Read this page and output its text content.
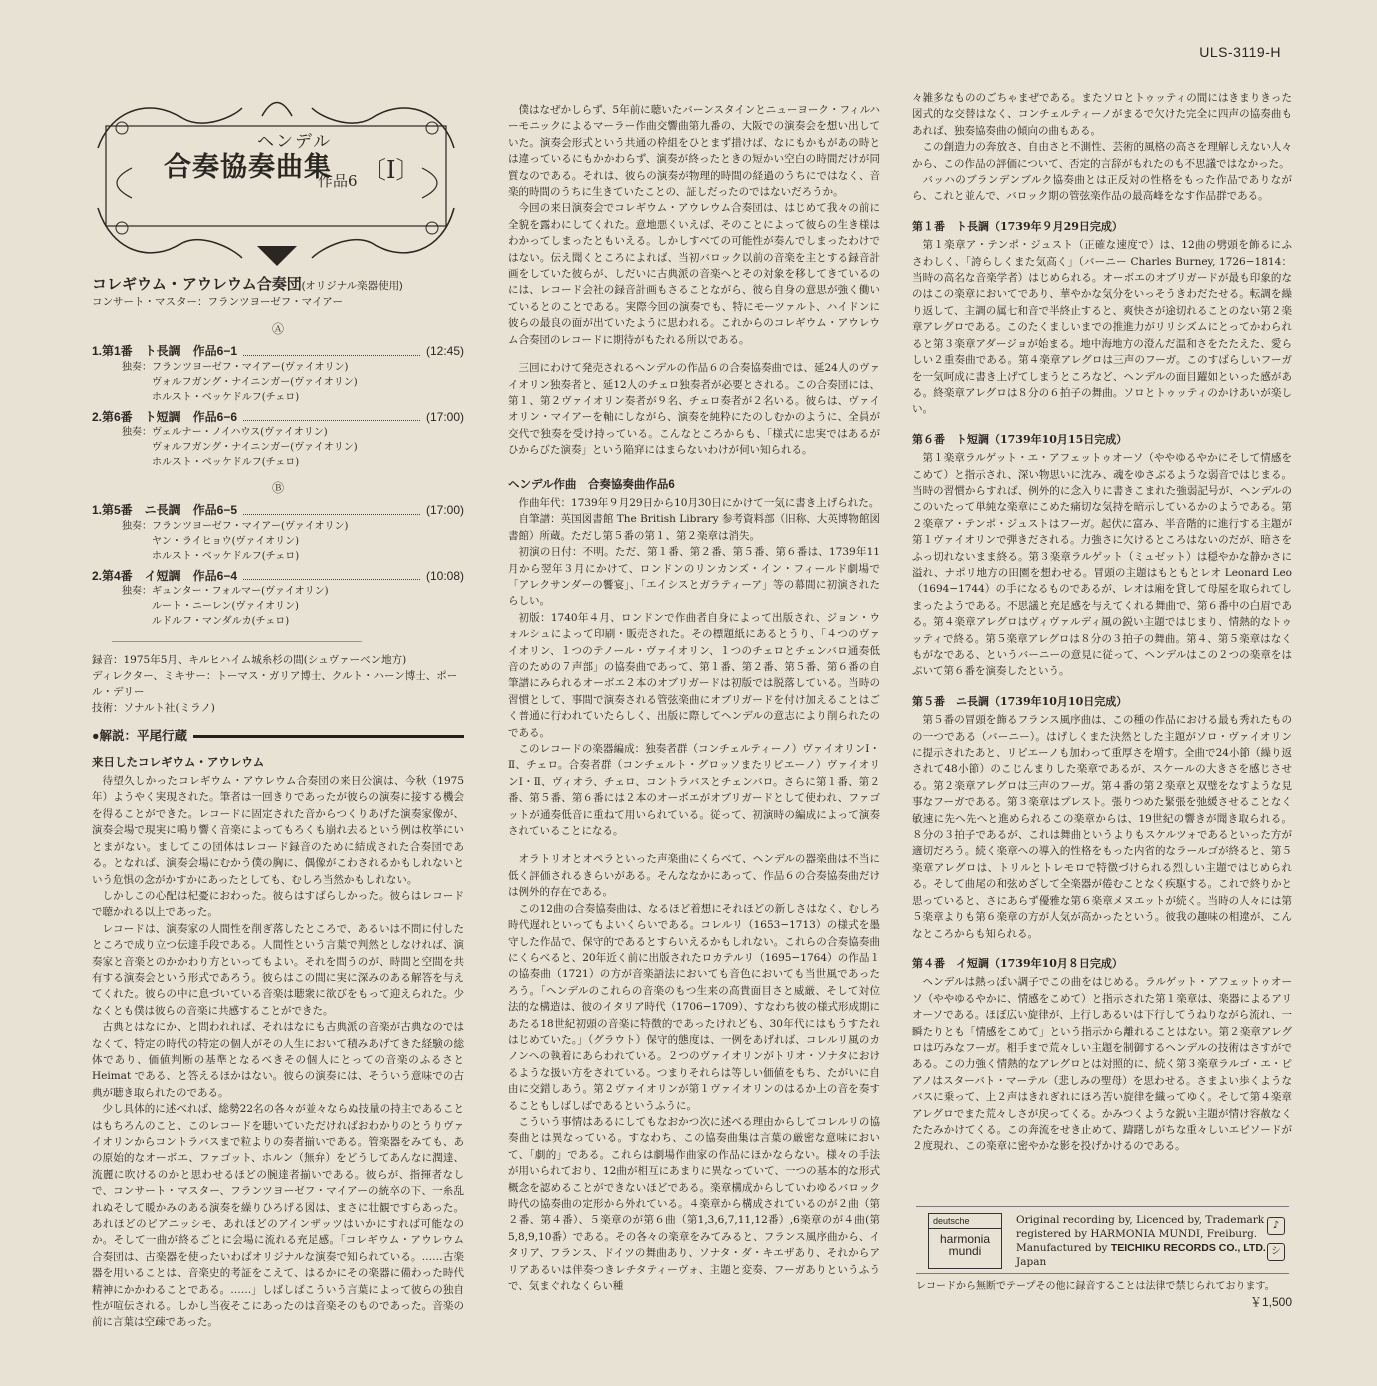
ULS-3119-H
ヘンデル
合奏協奏曲集
作品6 〔I〕
コレギウム・アウレウム合奏団(オリジナル楽器使用)
コンサート・マスター：フランツヨーゼフ・マイアー
Ⓐ
1.第1番　ト長調　作品6−1	(12:45)
独奏：フランツヨーゼフ・マイアー(ヴァイオリン)
ヴォルフガング・ナイニンガー(ヴァイオリン)
ホルスト・ベッケドルフ(チェロ)
2.第6番　ト短調　作品6−6	(17:00)
独奏：ヴェルナー・ノイハウス(ヴァイオリン)
ヴォルフガング・ナイニンガー(ヴァイオリン)
ホルスト・ベッケドルフ(チェロ)
Ⓑ
1.第5番　ニ長調　作品6−5	(17:00)
独奏：フランツヨーゼフ・マイアー(ヴァイオリン)
ヤン・ライヒョウ(ヴァイオリン)
ホルスト・ベッケドルフ(チェロ)
2.第4番　イ短調　作品6−4	(10:08)
独奏：ギュンター・フォルマー(ヴァイオリン)
ルート・ニーレン(ヴァイオリン)
ルドルフ・マンダルカ(チェロ)
録音：1975年5月、キルヒハイム城糸杉の間(シュヴァーベン地方)
ディレクター、ミキサー：トーマス・ガリア博士、クルト・ハーン博士、ポール・デリー
技術：ソナルト社(ミラノ)
●解説：平尾行蔵
来日したコレギウム・アウレウム

待望久しかったコレギウム・アウレウム合奏団の来日公演は、今秋（1975年）ようやく実現された。筆者は一回きりであったが彼らの演奏に接する機会を得ることができた。レコードに固定された音からつくりあげた演奏家像が、演奏会場で現実に鳴り響く音楽によってもろくも崩れ去るという例は枚挙にいとまがない。ましてこの団体はレコード録音のために結成された合奏団である。となれば、演奏会場にむかう僕の胸に、偶像がこわされるかもしれないという危惧の念がかすかにあったとしても、むしろ当然かもしれない。

しかしこの心配は杞憂におわった。彼らはすばらしかった。彼らはレコードで聴かれる以上であった。

レコードは、演奏家の人間性を削ぎ落したところで、あるいは不問に付したところで成り立つ伝達手段である。人間性という言葉で判然としなければ、演奏家と音楽とのかかわり方といってもよい。それを問うのが、時間と空間を共有する演奏会という形式であろう。彼らはこの間に実に深みのある解答を与えてくれた。彼らの中に息づいている音楽は聴衆に欲びをもって迎えられた。少なくとも僕は彼らの音楽に共感することができた。

古典とはなにか、と問われれば、それはなにも古典派の音楽が古典なのではなくて、特定の時代の特定の個人がその人生において積みあげてきた経験の総体であり、価値判断の基準となるべきその個人にとっての音楽のふるさと Heimat である、と答えるほかはない。彼らの演奏には、そういう意味での古典が聴き取られたのである。

少し具体的に述べれば、総勢22名の各々が並々ならぬ技量の持主であることはもちろんのこと、このレコードを聴いていただければおわかりのとうりヴァイオリンからコントラバスまで粒よりの奏者揃いである。管楽器をみても、あの原始的なオーボエ、ファゴット、ホルン（無弁）をどうしてあんなに潤達、流麗に吹けるのかと思わせるほどの腕達者揃いである。彼らが、指揮者なしで、コンサート・マスター、フランツヨーゼフ・マイアーの統卒の下、一糸乱れぬそして暖かみのある演奏を繰りひろげる図は、まさに壮観ですらあった。あれほどのピアニッシモ、あれほどのアインザッツはいかにすれば可能なのか。そして一曲が終るごとに会場に流れる充足感。「コレギウム・アウレウム合奏団は、古楽器を使ったいわばオリジナルな演奏で知られている。……古楽器を用いることは、音楽史的考証をこえて、はるかにその楽器に備わった時代精神にかかわることである。……」しばしばこういう言葉によって彼らの独自性が喧伝される。しかし当夜そこにあったのは音楽そのものであった。音楽の前に言葉は空疎であった。

僕はなぜかしらず、5年前に聴いたバーンスタインとニューヨーク・フィルハーモニックによるマーラー作曲交響曲第九番の、大阪での演奏会を想い出していた。演奏会形式という共通の枠組をひとまず措けば、なにもかもがあの時とは違っているにもかかわらず、演奏が終ったときの短かい空白の時間だけが同質なのである。それは、彼らの演奏が物理的時間の経過のうちにではなく、音楽的時間のうちに生きていたことの、証しだったのではないだろうか。

今回の来日演奏会でコレギウム・アウレウム合奏団は、はじめて我々の前に全貌を露わにしてくれた。意地悪くいえば、そのことによって彼らの生き様はわかってしまったともいえる。しかしすべての可能性が奏んでしまったわけではない。伝え聞くところによれば、当初バロック以前の音楽を主とする録音計画をしていた彼らが、しだいに古典派の音楽へとその対象を移してきているのには、レコード会社の録音計画もさることながら、彼ら自身の意思が強く働いているとのことである。実際今回の演奏でも、特にモーツァルト、ハイドンに彼らの最良の面が出ていたように思われる。これからのコレギウム・アウレウム合奏団のレコードに期待がもたれる所以である。

三回にわけて発売されるヘンデルの作品６の合奏協奏曲では、延24人のヴァイオリン独奏者と、延12人のチェロ独奏者が必要とされる。この合奏団には、第１、第２ヴァイオリン奏者が９名、チェロ奏者が２名いる。彼らは、ヴァイオリン・マイアーを軸にしながら、演奏を純粋にたのしむかのように、全員が交代で独奏を受け持っている。こんなところからも、「様式に忠実ではあるがひからびた演奏」という陥穽にはまらないわけが伺い知られる。

ヘンデル作曲　合奏協奏曲作品6

作曲年代：1739年９月29日から10月30日にかけて一気に書き上げられた。

自筆譜：英国図書館 The British Library 参考資料部（旧称、大英博物館図書館）所蔵。ただし第５番の第１、第２楽章は消失。

初演の日付：不明。ただ、第１番、第２番、第５番、第６番は、1739年11月から翌年３月にかけて、ロンドンのリンカンズ・イン・フィールド劇場で「アレクサンダーの饗宴」、「エイシスとガラティーア」等の幕間に初演されたらしい。

初版：1740年４月、ロンドンで作曲者自身によって出版され、ジョン・ウォルシュによって印刷・販売された。その標題紙にあるとうり、「４つのヴァイオリン、１つのテノール・ヴァイオリン、１つのチェロとチェンバロ通奏低音のための７声部」の協奏曲であって、第１番、第２番、第５番、第６番の自筆譜にみられるオーボエ２本のオブリガードは初版では脱落している。当時の習慣として、事間で演奏される管弦楽曲にオブリガードを付け加えることはごく普通に行われていたらしく、出版に際してヘンデルの意志により削られたのである。

このレコードの楽器編成：独奏者群（コンチェルティーノ）ヴァイオリンⅠ・Ⅱ、チェロ。合奏者群（コンチェルト・グロッソまたリピエーノ）ヴァイオリンⅠ・Ⅱ、ヴィオラ、チェロ、コントラバスとチェンバロ。さらに第１番、第２番、第５番、第６番には２本のオーボエがオブリガードとして使われ、ファゴットが通奏低音に重ねて用いられている。従って、初演時の編成によって演奏されていることになる。

オラトリオとオペラといった声楽曲にくらべて、ヘンデルの器楽曲は不当に低く評価されるきらいがある。そんななかにあって、作品６の合奏協奏曲だけは例外的存在である。

この12曲の合奏協奏曲は、なるほど着想にそれほどの新しさはなく、むしろ時代遅れといってもよいくらいである。コレルリ（1653−1713）の様式を墨守した作品で、保守的であるとすらいえるかもしれない。これらの合奏協奏曲にくらべると、20年近く前に出版されたロカテルリ（1695−1764）の作品１の協奏曲（1721）の方が音楽語法においても音色においても当世風であったろう。「ヘンデルのこれらの音楽のもつ生来の高貴面目さと威厳、そして対位法的な構造は、彼のイタリア時代（1706−1709）、すなわち彼の様式形成期にあたる18世紀初頭の音楽に特徴的であったけれども、30年代にはもうすたれはじめていた。」（グラウト）保守的態度は、一例をあげれば、コレルリ風のカノンへの執着にあらわれている。２つのヴァイオリンがトリオ・ソナタにおけるような扱い方をされている。つまりそれらは等しい価値をもち、たがいに自由に交錯しあう。第２ヴァイオリンが第１ヴァイオリンのはるか上の音を奏することもしばしばであるというふうに。

こういう事情はあるにしてもなおかつ次に述べる理由からしてコレルリの協奏曲とは異なっている。すなわち、この協奏曲集は言葉の厳密な意味において、「劇的」である。これらは劇場作曲家の作品にほかならない。様々の手法が用いられており、12曲が相互にあまりに異なっていて、一つの基本的な形式概念を認めることができないほどである。楽章構成からしていわゆるバロック時代の協奏曲の定形から外れている。４楽章から構成されているのが２曲（第２番、第４番）、５楽章のが第６曲（第1,3,6,7,11,12番）,6楽章のが４曲(第5,8,9,10番）である。その各々の楽章をみてみると、フランス風序曲から、イタリア、フランス、ドイツの舞曲あり、ソナタ・ダ・キエザあり、それからアリアあるいは伴奏つきレチタティーヴォ、主題と変奏、フーガありというふうで、気まぐれなくらい種

々雑多なもののごちゃまぜである。またソロとトゥッティの間にはきまりきった図式的な交替はなく、コンチェルティーノがまるで欠けた完全に四声の協奏曲もあれば、独奏協奏曲の傾向の曲もある。

この創造力の奔放さ、自由さと不測性、芸術的風格の高さを理解しえない人々から、この作品の評価について、否定的言辞がもれたのも不思議ではなかった。

バッハのブランデンブルク協奏曲とは正反対の性格をもった作品でありながら、これと並んで、バロック期の管弦楽作品の最高峰をなす作品群である。

第１番　ト長調（1739年９月29日完成）

第１楽章ア・テンポ・ジュスト（正確な速度で）は、12曲の劈頭を飾るにふさわしく、「誇らしくまた気高く」（バーニー Charles Burney, 1726−1814：当時の高名な音楽学者）はじめられる。オーボエのオブリガードが最も印象的なのはこの楽章においてであり、華やかな気分をいっそうきわだたせる。転調を繰り返して、主調の属七和音で半終止すると、爽快さが途切れることのない第２楽章アレグロである。このたくましいまでの推進力がリリシズムにとってかわられると第３楽章アダージョが始まる。地中海地方の澄んだ温和さをたたえた、愛らしい２重奏曲である。第４楽章アレグロは三声のフーガ。このすばらしいフーガを一気呵成に書き上げてしまうところなど、ヘンデルの面目躍如といった感がある。終楽章アレグロは８分の６拍子の舞曲。ソロとトゥッティのかけあいが楽しい。

第６番　ト短調（1739年10月15日完成）

第１楽章ラルゲット・エ・アフェットゥオーソ（ややゆるやかにそして情感をこめて）と指示され、深い物思いに沈み、魂をゆさぶるような弱音ではじまる。当時の習慣からすれば、例外的に念入りに書きこまれた強弱記号が、ヘンデルのこのいたって単純な楽章にこめた痛切な気持を暗示しているかのようである。第２楽章ア・テンポ・ジュストはフーガ。起伏に富み、半音階的に進行する主題が第１ヴァイオリンで弾きだされる。力強さに欠けるところはないのだが、暗さをふっ切れないまま終る。第３楽章ラルゲット（ミュゼット）は穏やかな静かさに溢れ、ナポリ地方の田園を想わせる。冒頭の主題はもともとレオ Leonard Leo（1694−1744）の手になるものであるが、レオは廂を貸して母屋を取られてしまったようである。不思議と充足感を与えてくれる舞曲で、第６番中の白眉である。第４楽章アレグロはヴィヴァルディ風の鋭い主題ではじまり、情熱的なトゥッティで終る。第５楽章アレグロは８分の３拍子の舞曲。第４、第５楽章はなくもがなである、というバーニーの意見に従って、ヘンデルはこの２つの楽章をはぶいて第６番を演奏したという。

第５番　ニ長調（1739年10月10日完成）

第５番の冒頭を飾るフランス風序曲は、この種の作品における最も秀れたものの一つである（バーニー）。はげしくまた決然とした主題がソロ・ヴァイオリンに提示されたあと、リピエーノも加わって重厚さを増す。全曲で24小節（繰り返されて48小節）のこじんまりした楽章であるが、スケールの大きさを感じさせる。第２楽章アレグロは三声のフーガ。第４番の第２楽章と双璧をなすような見事なフーガである。第３楽章はプレスト。張りつめた緊張を弛緩させることなく敏速に先へ先へと進められるこの楽章からは、19世紀の響きが聞き取られる。８分の３拍子であるが、これは舞曲というよりもスケルツォであるといった方が適切だろう。続く楽章への導入的性格をもった内省的なラールゴが終ると、第５楽章アレグロは、トリルとトレモロで特徴づけられる烈しい主題ではじめられる。そして曲尾の和弦めざして全楽器が倦むことなく疾駆する。これで終りかと思っていると、さにあらず優雅な第６楽章メヌエットが続く。当時の人々には第５楽章よりも第６楽章の方が人気が高かったという。彼我の趣味の相違が、こんなところからも知られる。

第４番　イ短調（1739年10月８日完成）

ヘンデルは熱っぽい調子でこの曲をはじめる。ラルゲット・アフェットゥオーソ（ややゆるやかに、情感をこめて）と指示された第１楽章は、楽器によるアリオーソである。ほぼ広い旋律が、上行しあるいは下行してうねりながら流れ、一瞬たりとも「情感をこめて」という指示から離れることはない。第２楽章アレグロは巧みなフーガ。相手まで荒々しい主題を制御するヘンデルの技術はさすがである。この力強く情熱的なアレグロとは対照的に、続く第３楽章ラルゴ・エ・ピアノはスターバト・マーテル（悲しみの聖母）を思わせる。さまよい歩くようなバスに乗って、上２声はきれぎれにほろ苦い旋律を織ってゆく。そして第４楽章アレグロでまた荒々しさが戻ってくる。かみつくような鋭い主題が情け容赦なくたたみかけてくる。この奔流をせき止めて、躊躇しがちな重々しいエピソードが２度現れ、この楽章に密やかな影を投げかけるのである。

deutsche
harmonia mundi
Original recording by, Licenced by, Trademark
registered by HARMONIA MUNDI, Freiburg.
Manufactured by TEICHIKU RECORDS CO., LTD. Japan
♪
シ
レコードから無断でテープその他に録音することは法律で禁じられております。
￥1,500
